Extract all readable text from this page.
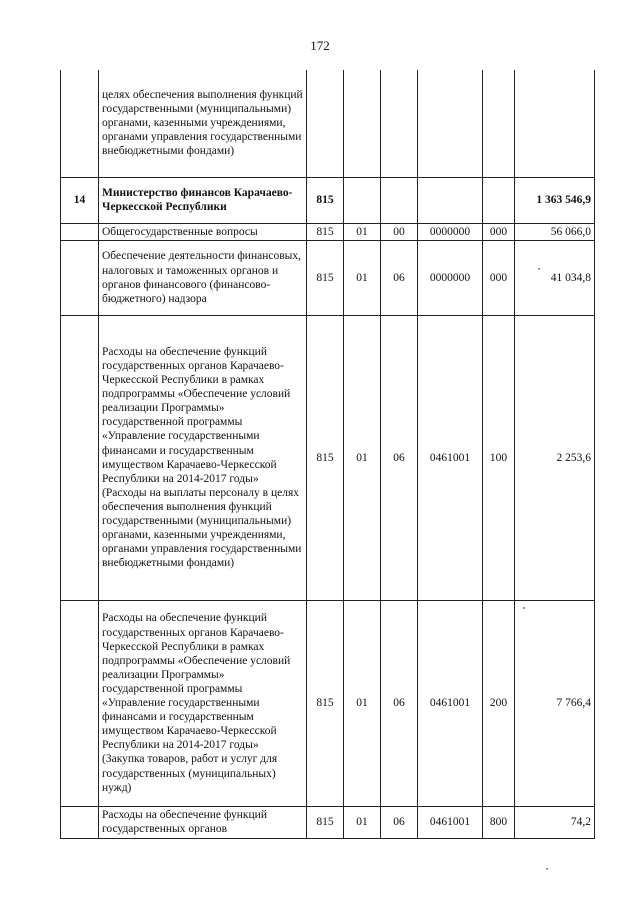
172
	целях обеспечения выполнения функций государственными (муниципальными) органами, казенными учреждениями, органами управления государственными внебюджетными фондами)						
14	Министерство финансов Карачаево-Черкесской Республики	815					1 363 546,9
	Общегосударственные вопросы	815	01	00	0000000	000	56 066,0
	Обеспечение деятельности финансовых, налоговых и таможенных органов и органов финансового (финансово-бюджетного) надзора	815	01	06	0000000	000	41 034,8
	Расходы на обеспечение функций государственных органов Карачаево-Черкесской Республики в рамках подпрограммы «Обеспечение условий реализации Программы» государственной программы «Управление государственными финансами и государственным имуществом Карачаево-Черкесской Республики на 2014-2017 годы» (Расходы на выплаты персоналу в целях обеспечения выполнения функций государственными (муниципальными) органами, казенными учреждениями, органами управления государственными внебюджетными фондами)	815	01	06	0461001	100	2 253,6
	Расходы на обеспечение функций государственных органов Карачаево-Черкесской Республики в рамках подпрограммы «Обеспечение условий реализации Программы» государственной программы «Управление государственными финансами и государственным имуществом Карачаево-Черкесской Республики на 2014-2017 годы» (Закупка товаров, работ и услуг для государственных (муниципальных) нужд)	815	01	06	0461001	200	7 766,4
	Расходы на обеспечение функций государственных органов	815	01	06	0461001	800	74,2
